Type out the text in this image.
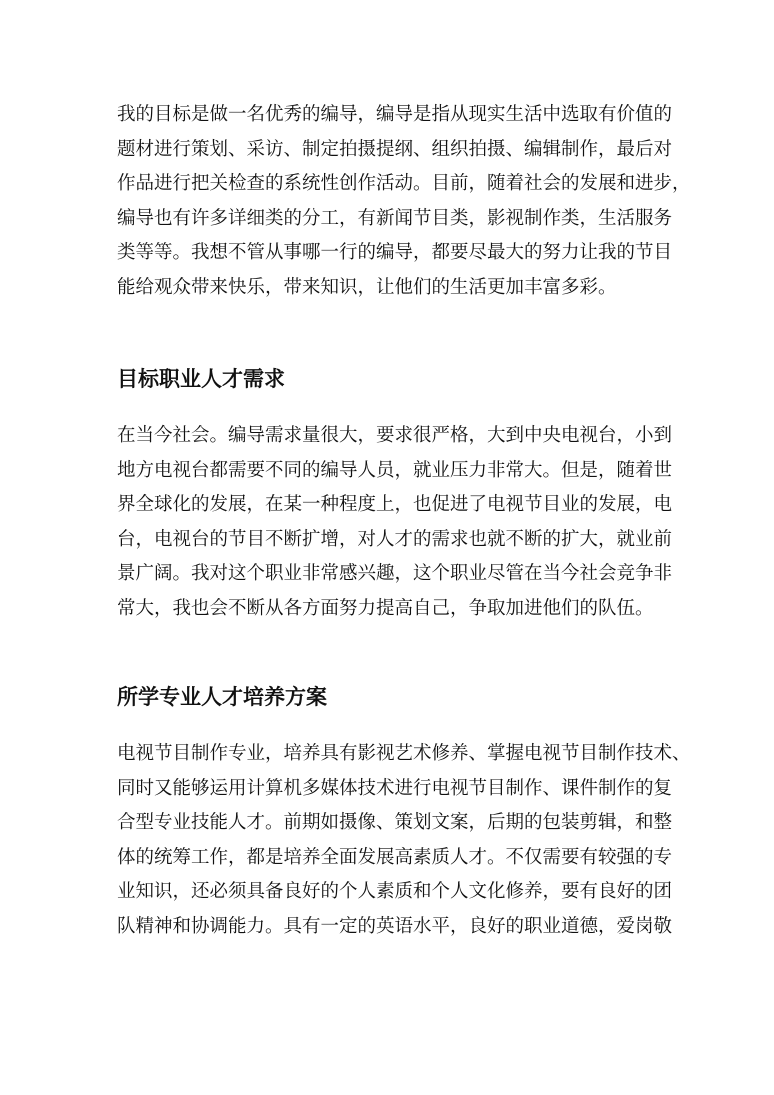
我的目标是做一名优秀的编导，编导是指从现实生活中选取有价值的
题材进行策划、采访、制定拍摄提纲、组织拍摄、编辑制作，最后对
作品进行把关检查的系统性创作活动。目前，随着社会的发展和进步，
编导也有许多详细类的分工，有新闻节目类，影视制作类，生活服务
类等等。我想不管从事哪一行的编导，都要尽最大的努力让我的节目
能给观众带来快乐，带来知识，让他们的生活更加丰富多彩。

目标职业人才需求

在当今社会。编导需求量很大，要求很严格，大到中央电视台，小到
地方电视台都需要不同的编导人员，就业压力非常大。但是，随着世
界全球化的发展，在某一种程度上，也促进了电视节目业的发展，电
台，电视台的节目不断扩增，对人才的需求也就不断的扩大，就业前
景广阔。我对这个职业非常感兴趣，这个职业尽管在当今社会竞争非
常大，我也会不断从各方面努力提高自己，争取加进他们的队伍。

所学专业人才培养方案

电视节目制作专业，培养具有影视艺术修养、掌握电视节目制作技术、
同时又能够运用计算机多媒体技术进行电视节目制作、课件制作的复
合型专业技能人才。前期如摄像、策划文案，后期的包装剪辑，和整
体的统筹工作，都是培养全面发展高素质人才。不仅需要有较强的专
业知识，还必须具备良好的个人素质和个人文化修养，要有良好的团
队精神和协调能力。具有一定的英语水平，良好的职业道德，爱岗敬
